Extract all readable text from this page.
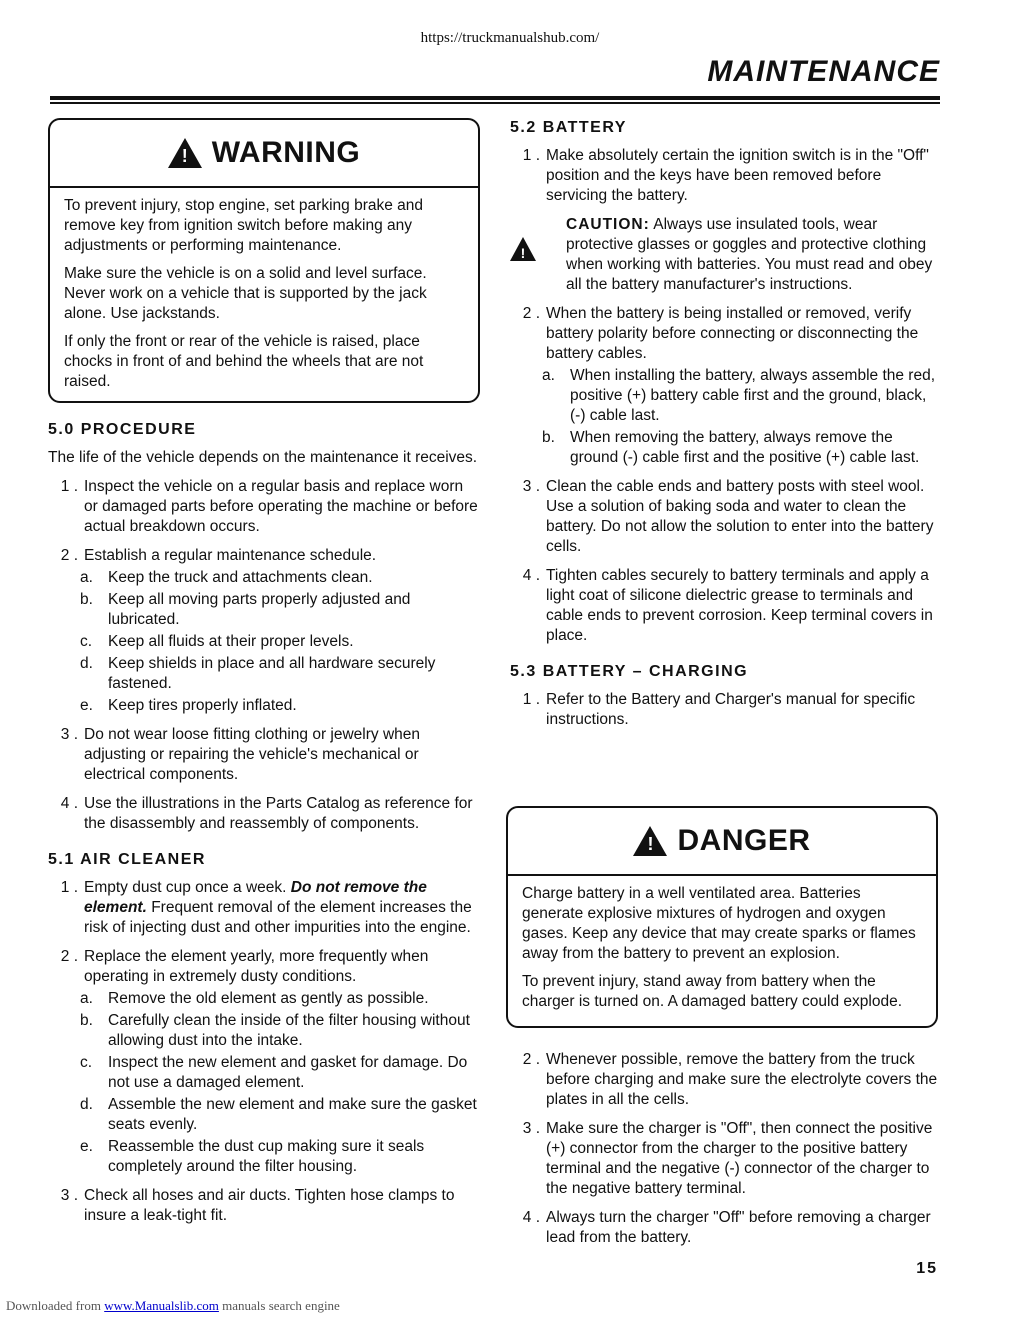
https://truckmanualshub.com/
MAINTENANCE
! WARNING

To prevent injury, stop engine, set parking brake and remove key from ignition switch before making any adjustments or performing maintenance.

Make sure the vehicle is on a solid and level surface. Never work on a vehicle that is supported by the jack alone. Use jackstands.

If only the front or rear of the vehicle is raised, place chocks in front of and behind the wheels that are not raised.

5.0 PROCEDURE

The life of the vehicle depends on the maintenance it receives.

1 . Inspect the vehicle on a regular basis and replace worn or damaged parts before operating the machine or before actual breakdown occurs.
2 . Establish a regular maintenance schedule.
a. Keep the truck and attachments clean.
b. Keep all moving parts properly adjusted and lubricated.
c.	Keep all fluids at their proper levels.
d. Keep shields in place and all hardware securely fastened.
e. Keep tires properly inflated.
3 . Do not wear loose fitting clothing or jewelry when adjusting or repairing the vehicle's mechanical or electrical components.
4 . Use the illustrations in the Parts Catalog as reference for the disassembly and reassembly of components.
5.1 AIR CLEANER
1 . Empty dust cup once a week. Do not remove the element. Frequent removal of the element increases the risk of injecting dust and other impurities into the engine.
2 . Replace the element yearly, more frequently when operating in extremely dusty conditions.
a. Remove the old element as gently as possible.
b. Carefully clean the inside of the filter housing without allowing dust into the intake.
c.	Inspect the new element and gasket for damage. Do not use a damaged element.
d. Assemble the new element and make sure the gasket seats evenly.
e. Reassemble the dust cup making sure it seals completely around the filter housing.
3 . Check all hoses and air ducts. Tighten hose clamps to insure a leak-tight fit.
5.2 BATTERY
1 . Make absolutely certain the ignition switch is in the "Off" position and the keys have been removed before servicing the battery.
!

CAUTION: Always use insulated tools, wear protective glasses or goggles and protective clothing when working with batteries. You must read and obey all the battery manufacturer's instructions.

2 . When the battery is being installed or removed, verify battery polarity before connecting or disconnecting the battery cables.
a. When installing the battery, always assemble the red, positive (+) battery cable first and the ground, black, (-) cable last.
b. When removing the battery, always remove the ground (-) cable first and the positive (+) cable last.
3 . Clean the cable ends and battery posts with steel wool. Use a solution of baking soda and water to clean the battery. Do not allow the solution to enter into the battery cells.
4 . Tighten cables securely to battery terminals and apply a light coat of silicone dielectric grease to terminals and cable ends to prevent corrosion. Keep terminal covers in place.
5.3 BATTERY – CHARGING
1 . Refer to the Battery and Charger's manual for specific instructions.
! DANGER

Charge battery in a well ventilated area. Batteries generate explosive mixtures of hydrogen and oxygen gases. Keep any device that may create sparks or flames away from the battery to prevent an explosion.

To prevent injury, stand away from battery when the charger is turned on. A damaged battery could explode.

2 . Whenever possible, remove the battery from the truck before charging and make sure the electrolyte covers the plates in all the cells.
3 . Make sure the charger is "Off", then connect the positive (+) connector from the charger to the positive battery terminal and the negative (-) connector of the charger to the negative battery terminal.
4 . Always turn the charger "Off" before removing a charger lead from the battery.
15
Downloaded from www.Manualslib.com manuals search engine
